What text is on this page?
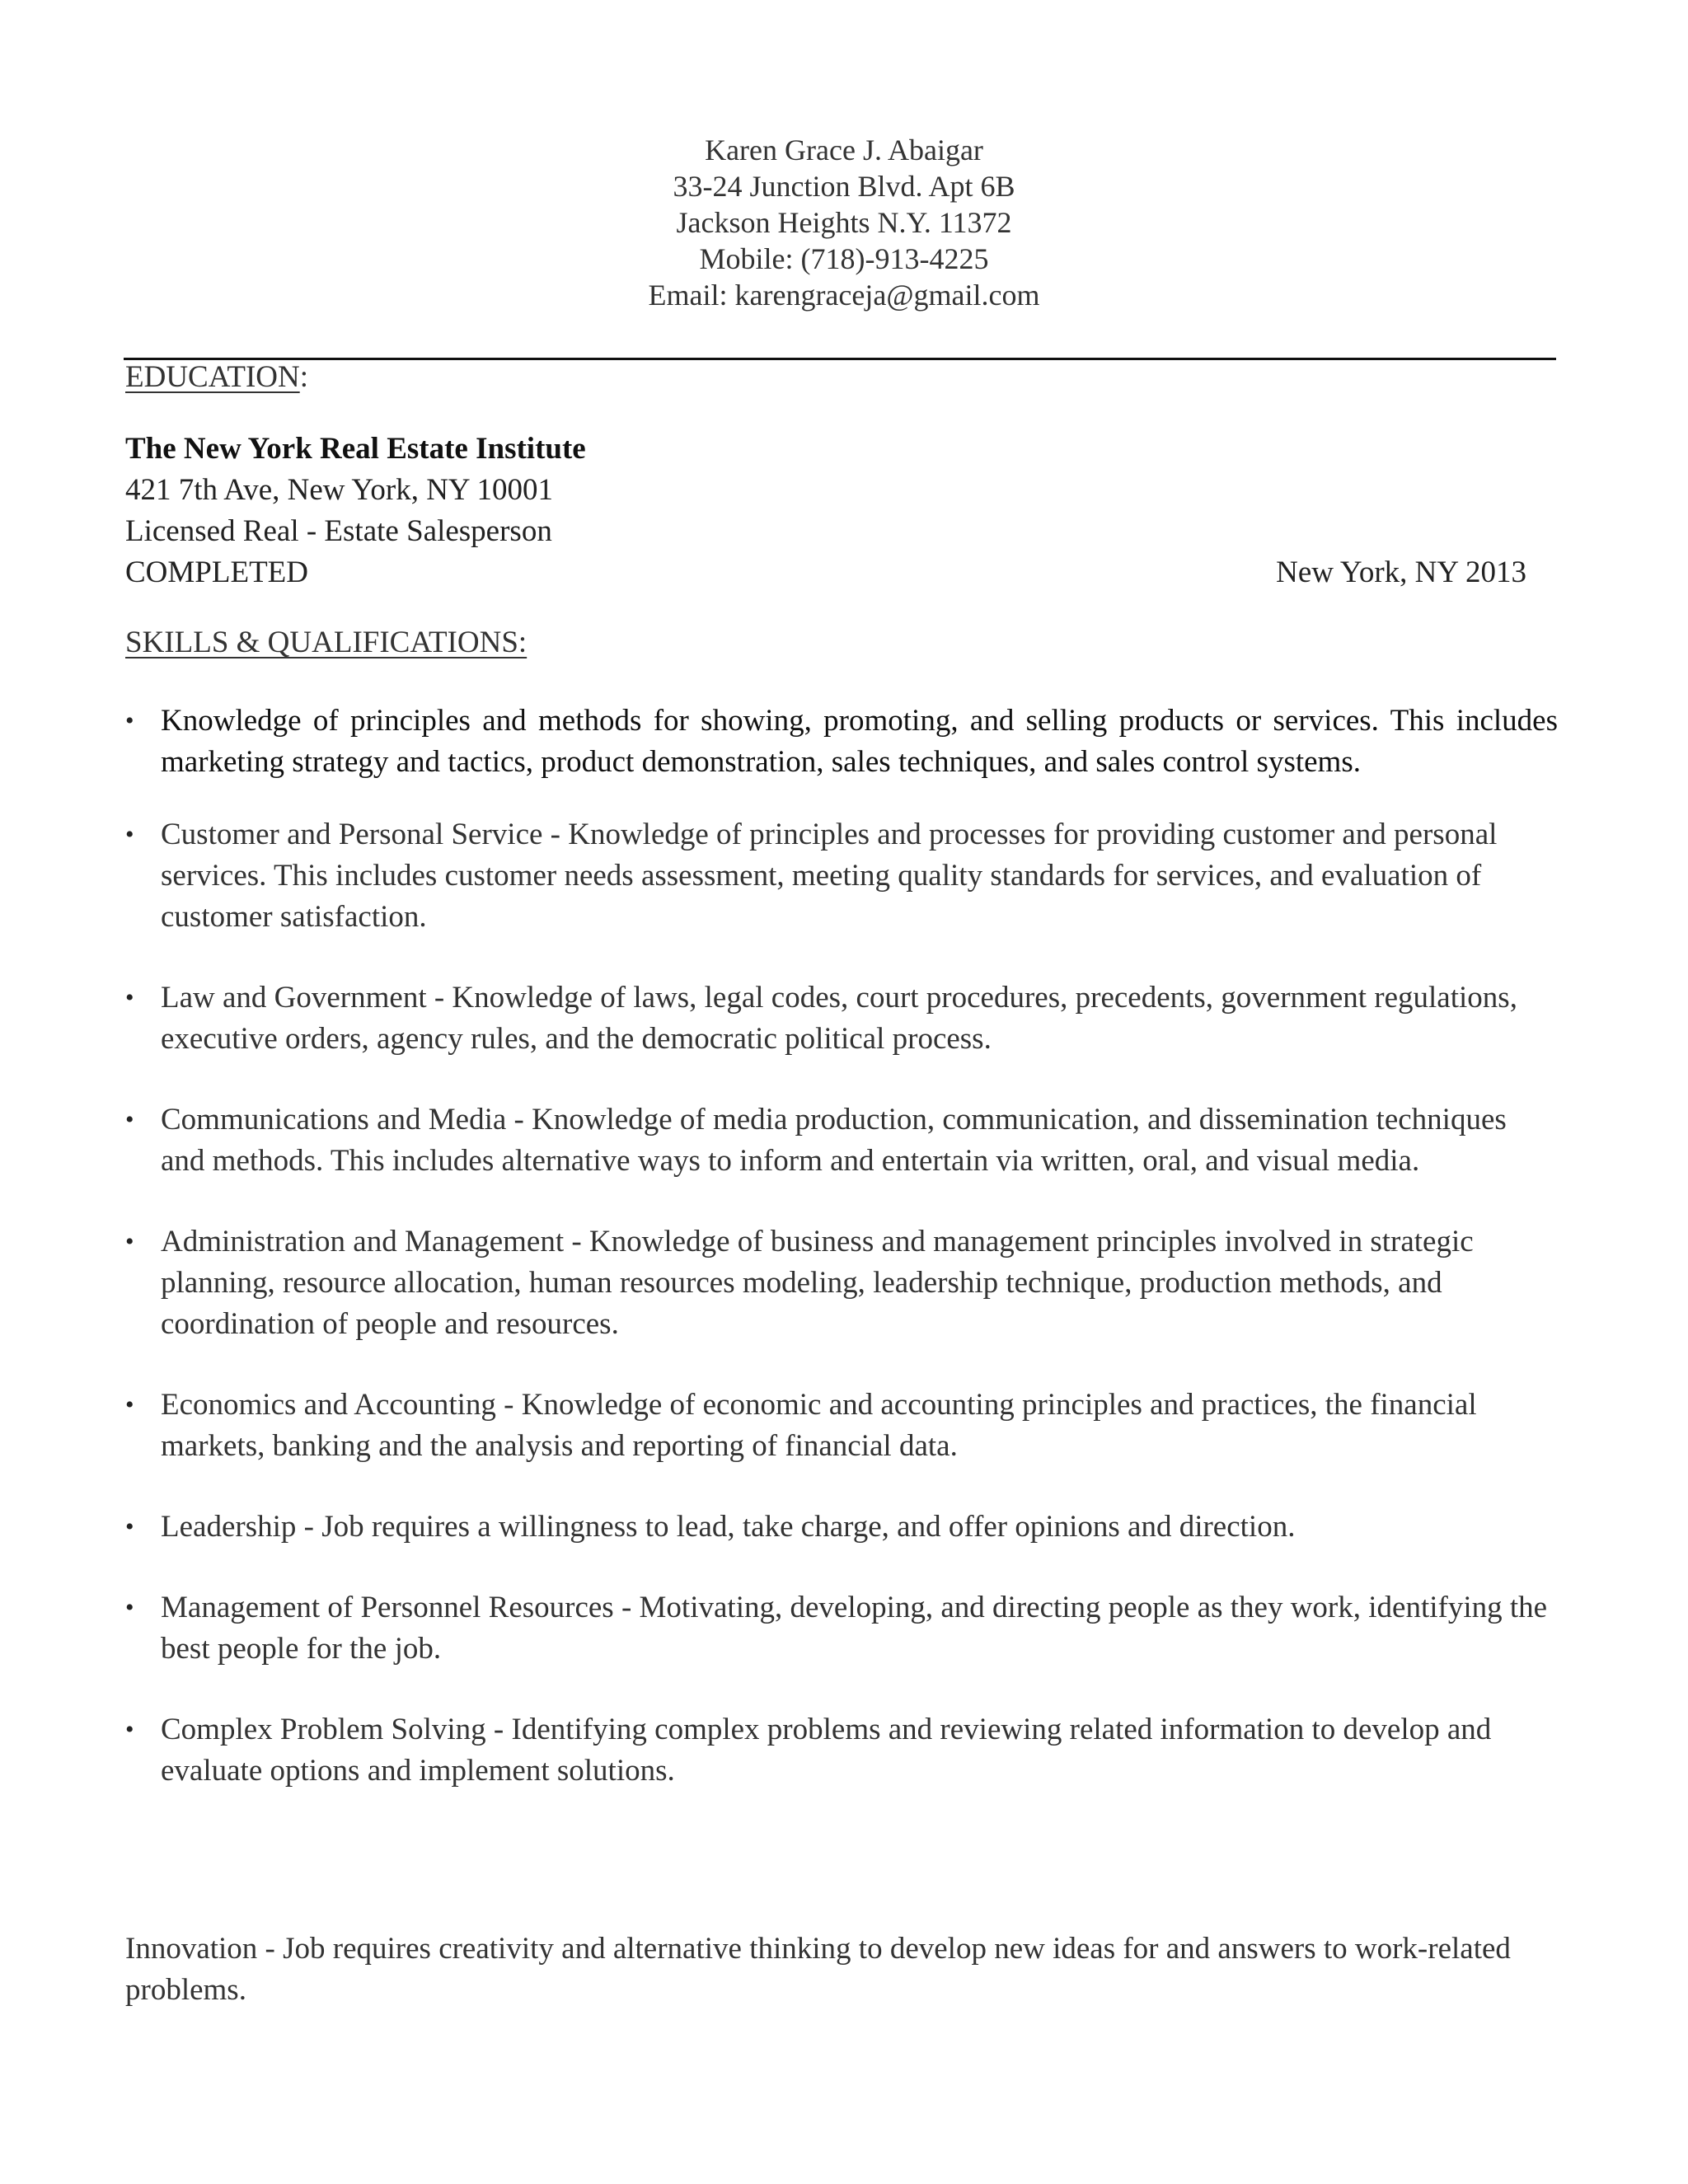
Karen Grace J. Abaigar
33-24 Junction Blvd. Apt 6B
Jackson Heights N.Y. 11372
Mobile: (718)-913-4225
Email: karengraceja@gmail.com
EDUCATION:
The New York Real Estate Institute
421 7th Ave, New York, NY 10001
Licensed Real - Estate Salesperson
COMPLETED	New York, NY 2013
SKILLS & QUALIFICATIONS:
• Knowledge of principles and methods for showing, promoting, and selling products or services. This includes marketing strategy and tactics, product demonstration, sales techniques, and sales control systems.
• Customer and Personal Service - Knowledge of principles and processes for providing customer and personal services. This includes customer needs assessment, meeting quality standards for services, and evaluation of customer satisfaction.
• Law and Government - Knowledge of laws, legal codes, court procedures, precedents, government regulations, executive orders, agency rules, and the democratic political process.
• Communications and Media - Knowledge of media production, communication, and dissemination techniques and methods. This includes alternative ways to inform and entertain via written, oral, and visual media.
• Administration and Management - Knowledge of business and management principles involved in strategic planning, resource allocation, human resources modeling, leadership technique, production methods, and coordination of people and resources.
• Economics and Accounting - Knowledge of economic and accounting principles and practices, the financial markets, banking and the analysis and reporting of financial data.
• Leadership - Job requires a willingness to lead, take charge, and offer opinions and direction.
• Management of Personnel Resources - Motivating, developing, and directing people as they work, identifying the best people for the job.
• Complex Problem Solving - Identifying complex problems and reviewing related information to develop and evaluate options and implement solutions.
Innovation - Job requires creativity and alternative thinking to develop new ideas for and answers to work-related problems.
